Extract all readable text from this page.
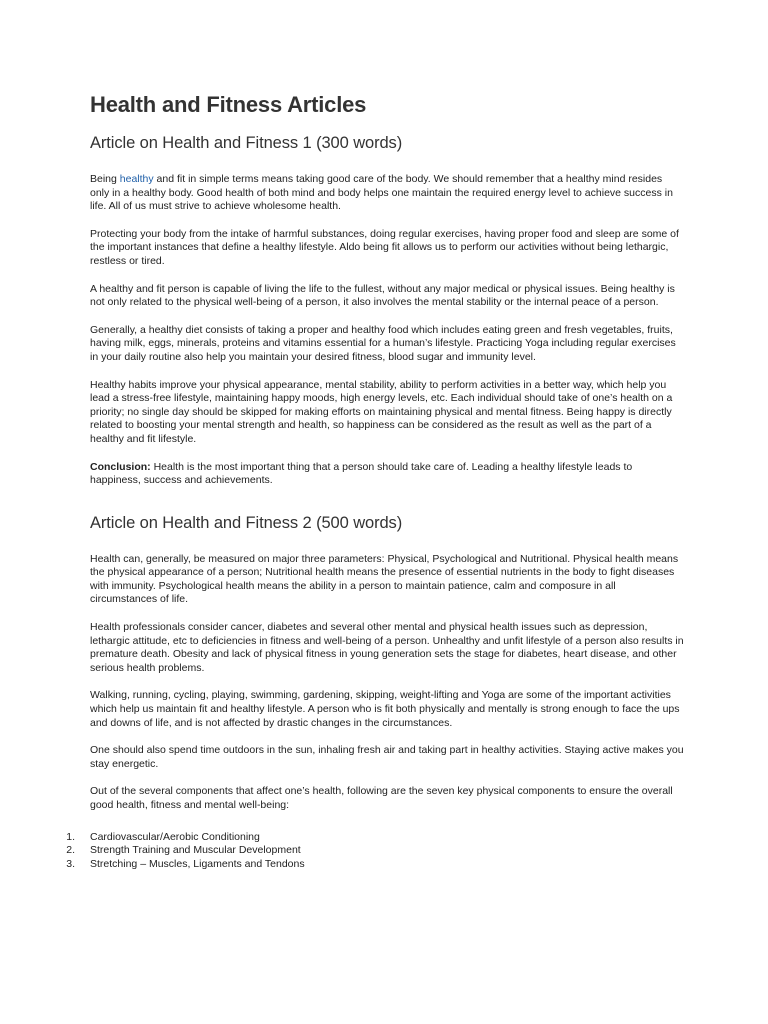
Health and Fitness Articles
Article on Health and Fitness 1 (300 words)

Being healthy and fit in simple terms means taking good care of the body. We should remember that a healthy mind resides only in a healthy body. Good health of both mind and body helps one maintain the required energy level to achieve success in life. All of us must strive to achieve wholesome health.

Protecting your body from the intake of harmful substances, doing regular exercises, having proper food and sleep are some of the important instances that define a healthy lifestyle. Aldo being fit allows us to perform our activities without being lethargic, restless or tired.

A healthy and fit person is capable of living the life to the fullest, without any major medical or physical issues. Being healthy is not only related to the physical well-being of a person, it also involves the mental stability or the internal peace of a person.

Generally, a healthy diet consists of taking a proper and healthy food which includes eating green and fresh vegetables, fruits, having milk, eggs, minerals, proteins and vitamins essential for a human’s lifestyle. Practicing Yoga including regular exercises in your daily routine also help you maintain your desired fitness, blood sugar and immunity level.

Healthy habits improve your physical appearance, mental stability, ability to perform activities in a better way, which help you lead a stress-free lifestyle, maintaining happy moods, high energy levels, etc. Each individual should take of one’s health on a priority; no single day should be skipped for making efforts on maintaining physical and mental fitness. Being happy is directly related to boosting your mental strength and health, so happiness can be considered as the result as well as the part of a healthy and fit lifestyle.

Conclusion: Health is the most important thing that a person should take care of. Leading a healthy lifestyle leads to happiness, success and achievements.

Article on Health and Fitness 2 (500 words)

Health can, generally, be measured on major three parameters: Physical, Psychological and Nutritional. Physical health means the physical appearance of a person; Nutritional health means the presence of essential nutrients in the body to fight diseases with immunity. Psychological health means the ability in a person to maintain patience, calm and composure in all circumstances of life.

Health professionals consider cancer, diabetes and several other mental and physical health issues such as depression, lethargic attitude, etc to deficiencies in fitness and well-being of a person. Unhealthy and unfit lifestyle of a person also results in premature death. Obesity and lack of physical fitness in young generation sets the stage for diabetes, heart disease, and other serious health problems.

Walking, running, cycling, playing, swimming, gardening, skipping, weight-lifting and Yoga are some of the important activities which help us maintain fit and healthy lifestyle. A person who is fit both physically and mentally is strong enough to face the ups and downs of life, and is not affected by drastic changes in the circumstances.

One should also spend time outdoors in the sun, inhaling fresh air and taking part in healthy activities. Staying active makes you stay energetic.

Out of the several components that affect one’s health, following are the seven key physical components to ensure the overall good health, fitness and mental well-being:

1. Cardiovascular/Aerobic Conditioning
2. Strength Training and Muscular Development
3. Stretching – Muscles, Ligaments and Tendons
